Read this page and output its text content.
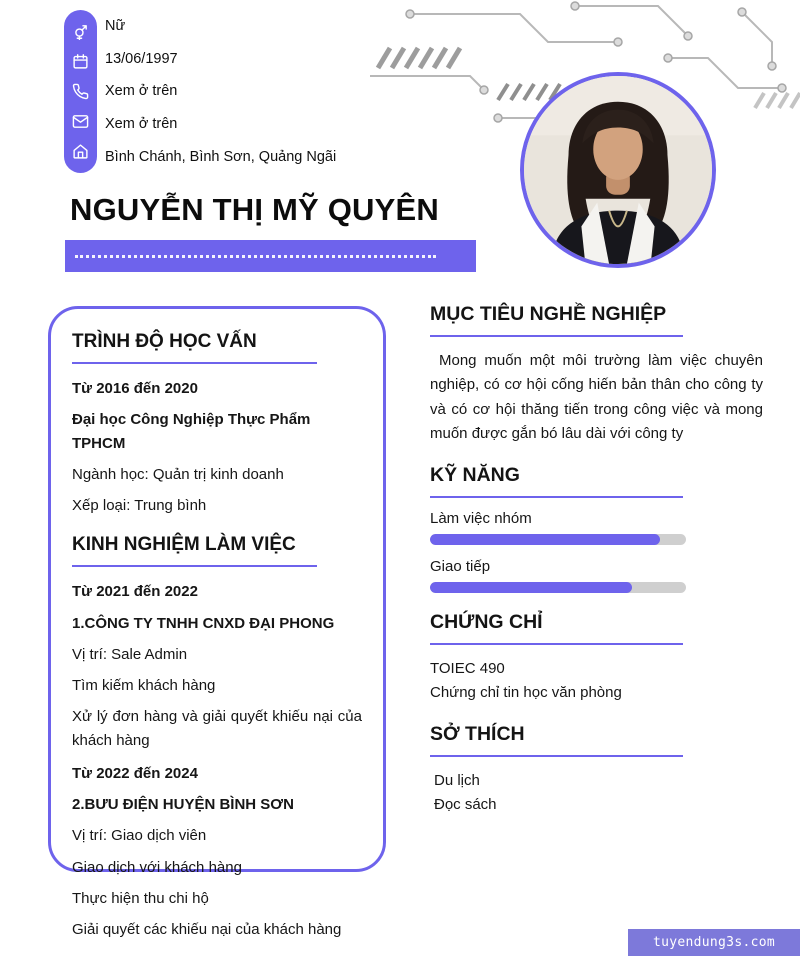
Nữ
13/06/1997
Xem ở trên
Xem ở trên
Bình Chánh, Bình Sơn, Quảng Ngãi
NGUYỄN THỊ MỸ QUYÊN
TRÌNH ĐỘ HỌC VẤN

Từ 2016 đến 2020

Đại học Công Nghiệp Thực Phẩm TPHCM

Ngành học: Quản trị kinh doanh

Xếp loại: Trung bình

KINH NGHIỆM LÀM VIỆC

Từ 2021 đến 2022

1.CÔNG TY TNHH CNXD ĐẠI PHONG

Vị trí: Sale Admin

Tìm kiếm khách hàng

Xử lý đơn hàng và giải quyết khiếu nại của khách hàng

Từ 2022 đến 2024

2.BƯU ĐIỆN HUYỆN BÌNH SƠN

Vị trí: Giao dịch viên

Giao dịch với khách hàng

Thực hiện thu chi hộ

Giải quyết các khiếu nại của khách hàng

MỤC TIÊU NGHỀ NGHIỆP

Mong muốn một môi trường làm việc chuyên nghiệp, có cơ hội cống hiến bản thân cho công ty và có cơ hội thăng tiến trong công việc và mong muốn được gắn bó lâu dài với công ty

KỸ NĂNG
Làm việc nhóm
Giao tiếp
CHỨNG CHỈ
TOIEC 490
Chứng chỉ tin học văn phòng
SỞ THÍCH
Du lịch
Đọc sách
tuyendung3s.com
